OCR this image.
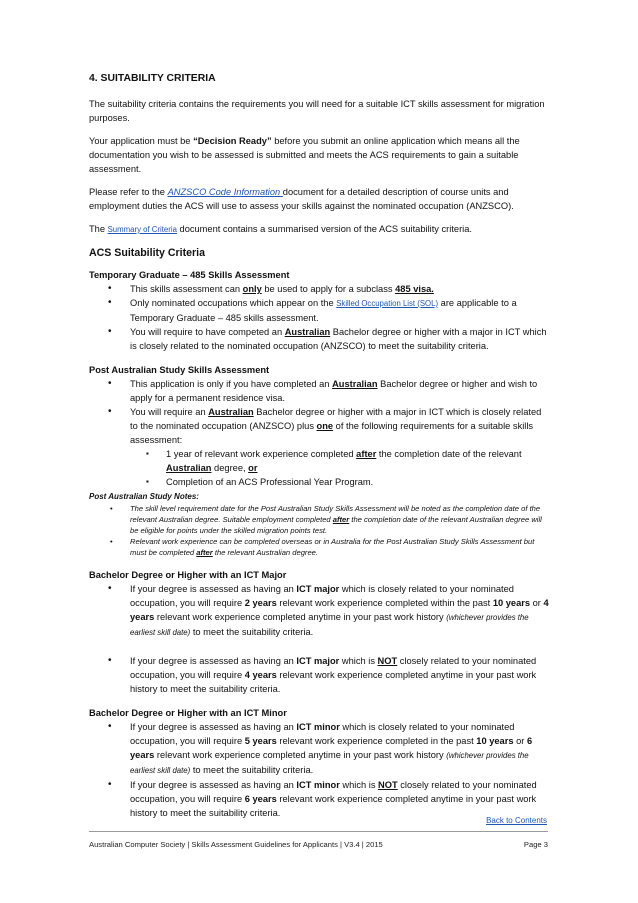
4. SUITABILITY CRITERIA

The suitability criteria contains the requirements you will need for a suitable ICT skills assessment for migration purposes.

Your application must be “Decision Ready” before you submit an online application which means all the documentation you wish to be assessed is submitted and meets the ACS requirements to gain a suitable assessment.

Please refer to the ANZSCO Code Information document for a detailed description of course units and employment duties the ACS will use to assess your skills against the nominated occupation (ANZSCO).

The Summary of Criteria document contains a summarised version of the ACS suitability criteria.

ACS Suitability Criteria
Temporary Graduate – 485 Skills Assessment
• This skills assessment can only be used to apply for a subclass 485 visa.
• Only nominated occupations which appear on the Skilled Occupation List (SOL) are applicable to a Temporary Graduate – 485 skills assessment.
• You will require to have competed an Australian Bachelor degree or higher with a major in ICT which is closely related to the nominated occupation (ANZSCO) to meet the suitability criteria.
Post Australian Study Skills Assessment
• This application is only if you have completed an Australian Bachelor degree or higher and wish to apply for a permanent residence visa.
• You will require an Australian Bachelor degree or higher with a major in ICT which is closely related to the nominated occupation (ANZSCO) plus one of the following requirements for a suitable skills assessment:
▪ 1 year of relevant work experience completed after the completion date of the relevant Australian degree, or
▪ Completion of an ACS Professional Year Program.
Post Australian Study Notes:
• The skill level requirement date for the Post Australian Study Skills Assessment will be noted as the completion date of the relevant Australian degree. Suitable employment completed after the completion date of the relevant Australian degree will be eligible for points under the skilled migration points test.
• Relevant work experience can be completed overseas or in Australia for the Post Australian Study Skills Assessment but must be completed after the relevant Australian degree.
Bachelor Degree or Higher with an ICT Major
• If your degree is assessed as having an ICT major which is closely related to your nominated occupation, you will require 2 years relevant work experience completed within the past 10 years or 4 years relevant work experience completed anytime in your past work history (whichever provides the earliest skill date) to meet the suitability criteria.
• If your degree is assessed as having an ICT major which is NOT closely related to your nominated occupation, you will require 4 years relevant work experience completed anytime in your past work history to meet the suitability criteria.
Bachelor Degree or Higher with an ICT Minor
• If your degree is assessed as having an ICT minor which is closely related to your nominated occupation, you will require 5 years relevant work experience completed in the past 10 years or 6 years relevant work experience completed anytime in your past work history (whichever provides the earliest skill date) to meet the suitability criteria.
• If your degree is assessed as having an ICT minor which is NOT closely related to your nominated occupation, you will require 6 years relevant work experience completed anytime in your past work history to meet the suitability criteria.
Back to Contents
Australian Computer Society | Skills Assessment Guidelines for Applicants | V3.4 | 2015	Page 3
